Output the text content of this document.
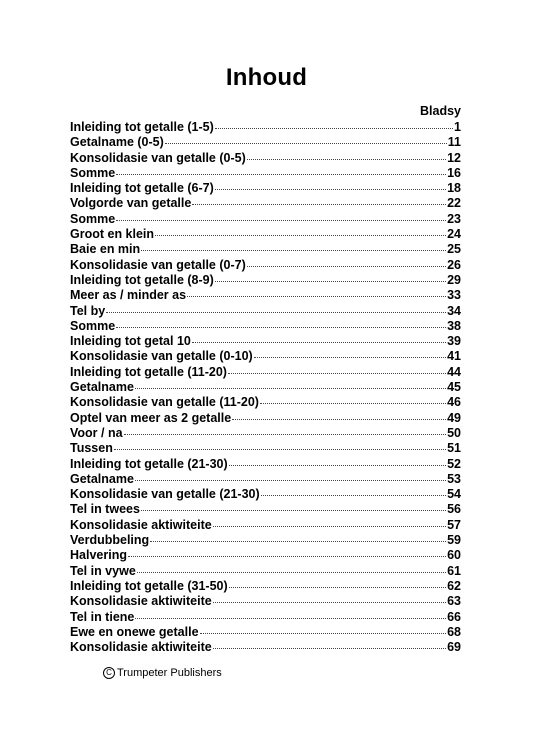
Inhoud
Bladsy
Inleiding tot getalle (1-5)	1
Getalname (0-5)	11
Konsolidasie van getalle (0-5)	12
Somme	16
Inleiding tot getalle (6-7)	18
Volgorde van getalle	22
Somme	23
Groot en klein	24
Baie en min	25
Konsolidasie van getalle (0-7)	26
Inleiding tot getalle (8-9)	29
Meer as / minder as	33
Tel by	34
Somme	38
Inleiding tot getal 10	39
Konsolidasie van getalle (0-10)	41
Inleiding tot getalle (11-20)	44
Getalname	45
Konsolidasie van getalle (11-20)	46
Optel van meer as 2 getalle	49
Voor / na	50
Tussen	51
Inleiding tot getalle (21-30)	52
Getalname	53
Konsolidasie van getalle (21-30)	54
Tel in twees	56
Konsolidasie aktiwiteite	57
Verdubbeling	59
Halvering	60
Tel in vywe	61
Inleiding tot getalle (31-50)	62
Konsolidasie aktiwiteite	63
Tel in tiene	66
Ewe en onewe getalle	68
Konsolidasie aktiwiteite	69
C Trumpeter Publishers
